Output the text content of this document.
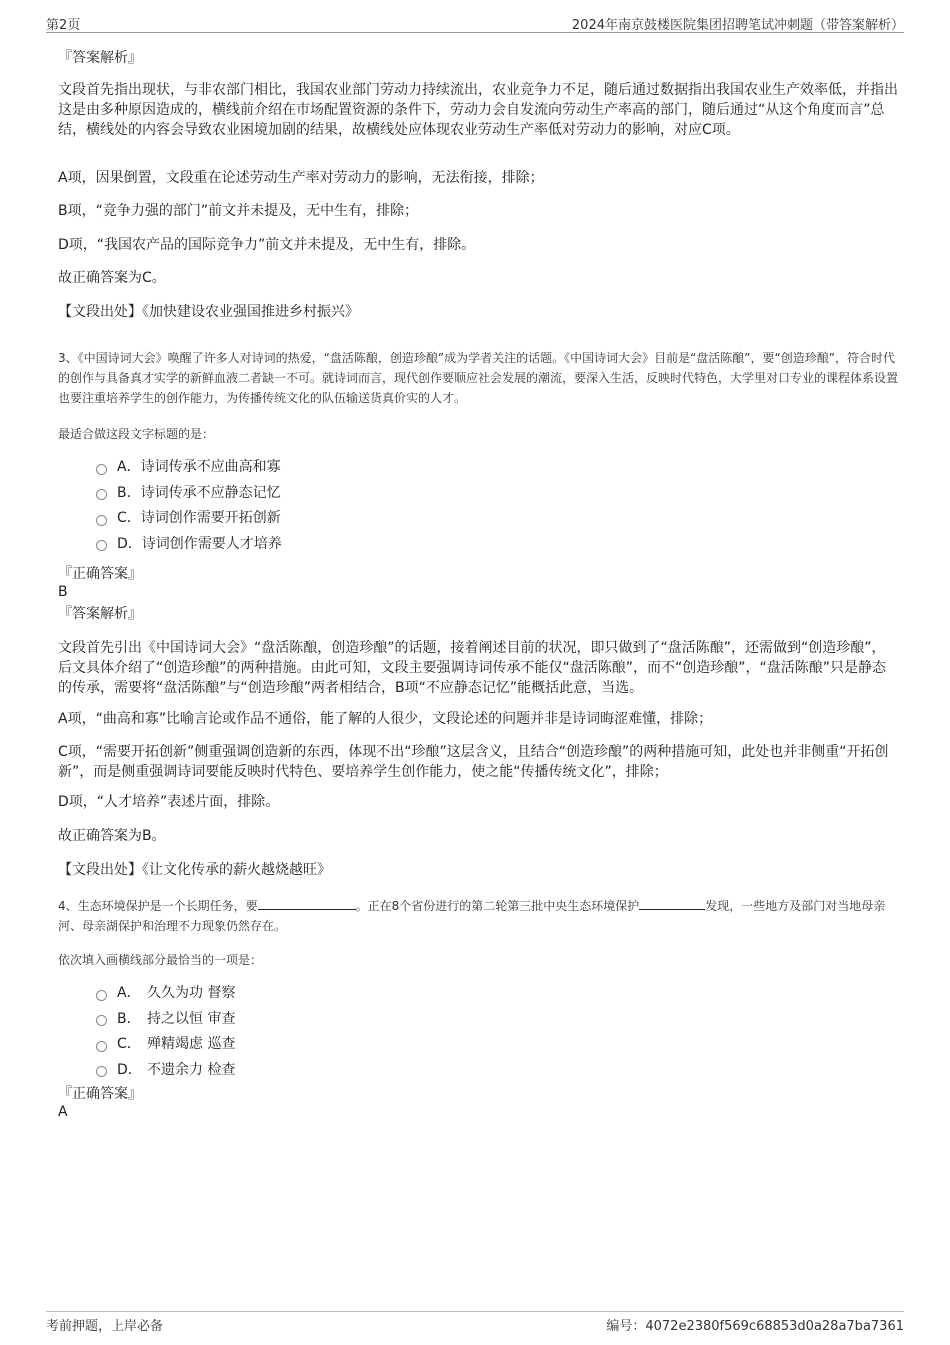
第2页	2024年南京鼓楼医院集团招聘笔试冲刺题（带答案解析）
『答案解析』
文段首先指出现状，与非农部门相比，我国农业部门劳动力持续流出，农业竞争力不足，随后通过数据指出我国农业生产效率低，并指出这是由多种原因造成的，横线前介绍在市场配置资源的条件下，劳动力会自发流向劳动生产率高的部门，随后通过“从这个角度而言”总结，横线处的内容会导致农业困境加剧的结果，故横线处应体现农业劳动生产率低对劳动力的影响，对应C项。
A项，因果倒置，文段重在论述劳动生产率对劳动力的影响，无法衔接，排除；
B项，“竞争力强的部门”前文并未提及，无中生有，排除；
D项，“我国农产品的国际竞争力”前文并未提及，无中生有，排除。
故正确答案为C。
【文段出处】《加快建设农业强国推进乡村振兴》
3、《中国诗词大会》唤醒了许多人对诗词的热爱，“盘活陈酿，创造珍酿”成为学者关注的话题。《中国诗词大会》目前是“盘活陈酿”，要“创造珍酿”，符合时代的创作与具备真才实学的新鲜血液二者缺一不可。就诗词而言，现代创作要顺应社会发展的潮流，要深入生活，反映时代特色，大学里对口专业的课程体系设置也要注重培养学生的创作能力，为传播传统文化的队伍输送货真价实的人才。
最适合做这段文字标题的是：
A．诗词传承不应曲高和寡
B．诗词传承不应静态记忆
C．诗词创作需要开拓创新
D．诗词创作需要人才培养
『正确答案』
B
『答案解析』
文段首先引出《中国诗词大会》“盘活陈酿，创造珍酿”的话题，接着阐述目前的状况，即只做到了“盘活陈酿”，还需做到“创造珍酿”，后文具体介绍了“创造珍酿”的两种措施。由此可知，文段主要强调诗词传承不能仅“盘活陈酿”，而不“创造珍酿”，“盘活陈酿”只是静态的传承，需要将“盘活陈酿”与“创造珍酿”两者相结合，B项“不应静态记忆”能概括此意，当选。
A项，“曲高和寡”比喻言论或作品不通俗，能了解的人很少，文段论述的问题并非是诗词晦涩难懂，排除；
C项，“需要开拓创新”侧重强调创造新的东西，体现不出“珍酿”这层含义，且结合“创造珍酿”的两种措施可知，此处也并非侧重“开拓创新”，而是侧重强调诗词要能反映时代特色、要培养学生创作能力，使之能“传播传统文化”，排除；
D项，“人才培养”表述片面，排除。
故正确答案为B。
【文段出处】《让文化传承的薪火越烧越旺》
4、生态环境保护是一个长期任务，要	。正在8个省份进行的第二轮第三批中央生态环境保护	发现，一些地方及部门对当地母亲河、母亲湖保护和治理不力现象仍然存在。
依次填入画横线部分最恰当的一项是：
A． 久久为功 督察
B． 持之以恒 审查
C． 殚精竭虑 巡查
D． 不遗余力 检查
『正确答案』
A
考前押题，上岸必备	编号：4072e2380f569c68853d0a28a7ba7361
